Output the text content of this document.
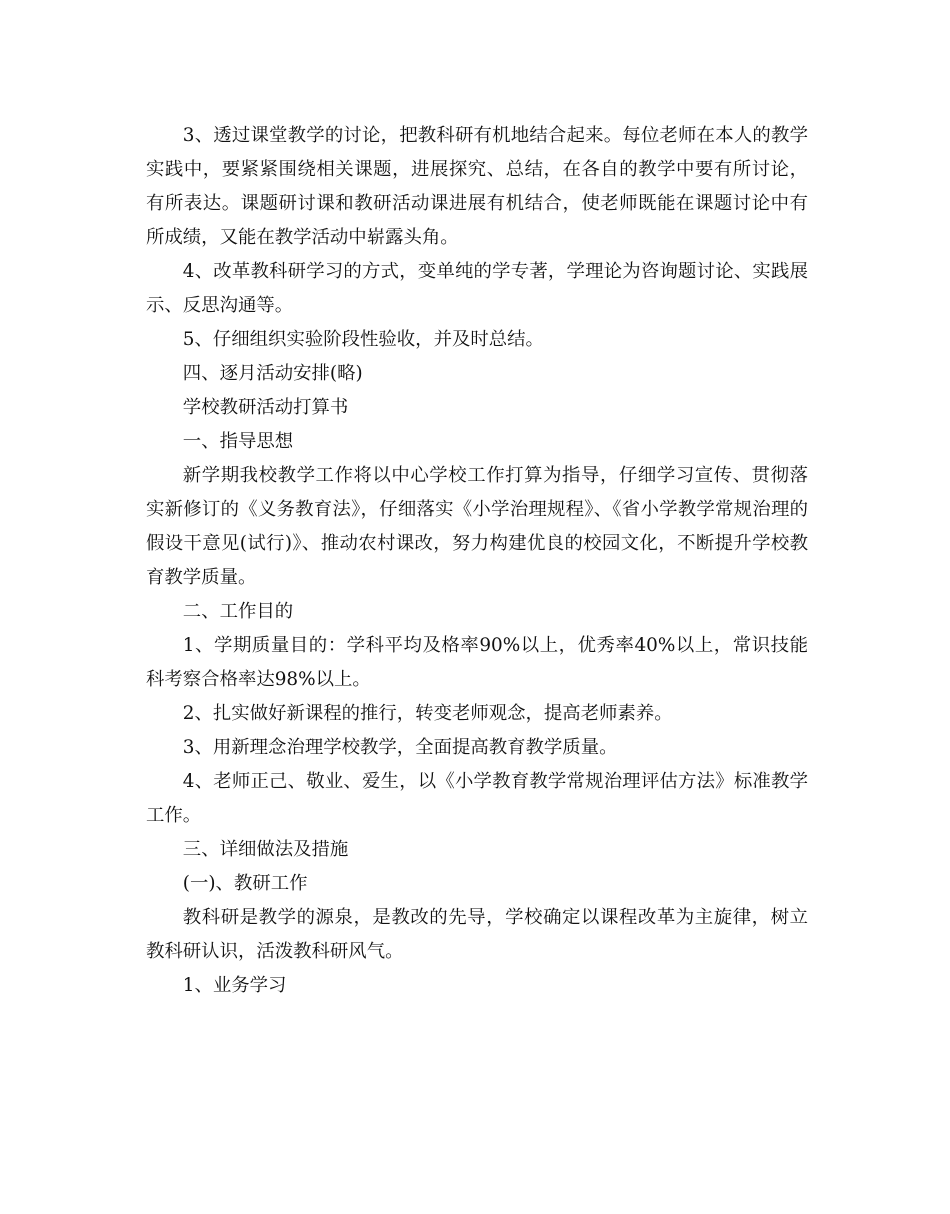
3、透过课堂教学的讨论，把教科研有机地结合起来。每位老师在本人的教学实践中，要紧紧围绕相关课题，进展探究、总结，在各自的教学中要有所讨论，有所表达。课题研讨课和教研活动课进展有机结合，使老师既能在课题讨论中有所成绩，又能在教学活动中崭露头角。

4、改革教科研学习的方式，变单纯的学专著，学理论为咨询题讨论、实践展示、反思沟通等。

5、仔细组织实验阶段性验收，并及时总结。

四、逐月活动安排(略)

学校教研活动打算书

一、指导思想

新学期我校教学工作将以中心学校工作打算为指导，仔细学习宣传、贯彻落实新修订的《义务教育法》，仔细落实《小学治理规程》、《省小学教学常规治理的假设干意见(试行)》、推动农村课改，努力构建优良的校园文化，不断提升学校教育教学质量。

二、工作目的

1、学期质量目的：学科平均及格率90%以上，优秀率40%以上，常识技能科考察合格率达98%以上。

2、扎实做好新课程的推行，转变老师观念，提高老师素养。

3、用新理念治理学校教学，全面提高教育教学质量。

4、老师正己、敬业、爱生，以《小学教育教学常规治理评估方法》标准教学工作。

三、详细做法及措施

(一)、教研工作

教科研是教学的源泉，是教改的先导，学校确定以课程改革为主旋律，树立教科研认识，活泼教科研风气。

1、业务学习
